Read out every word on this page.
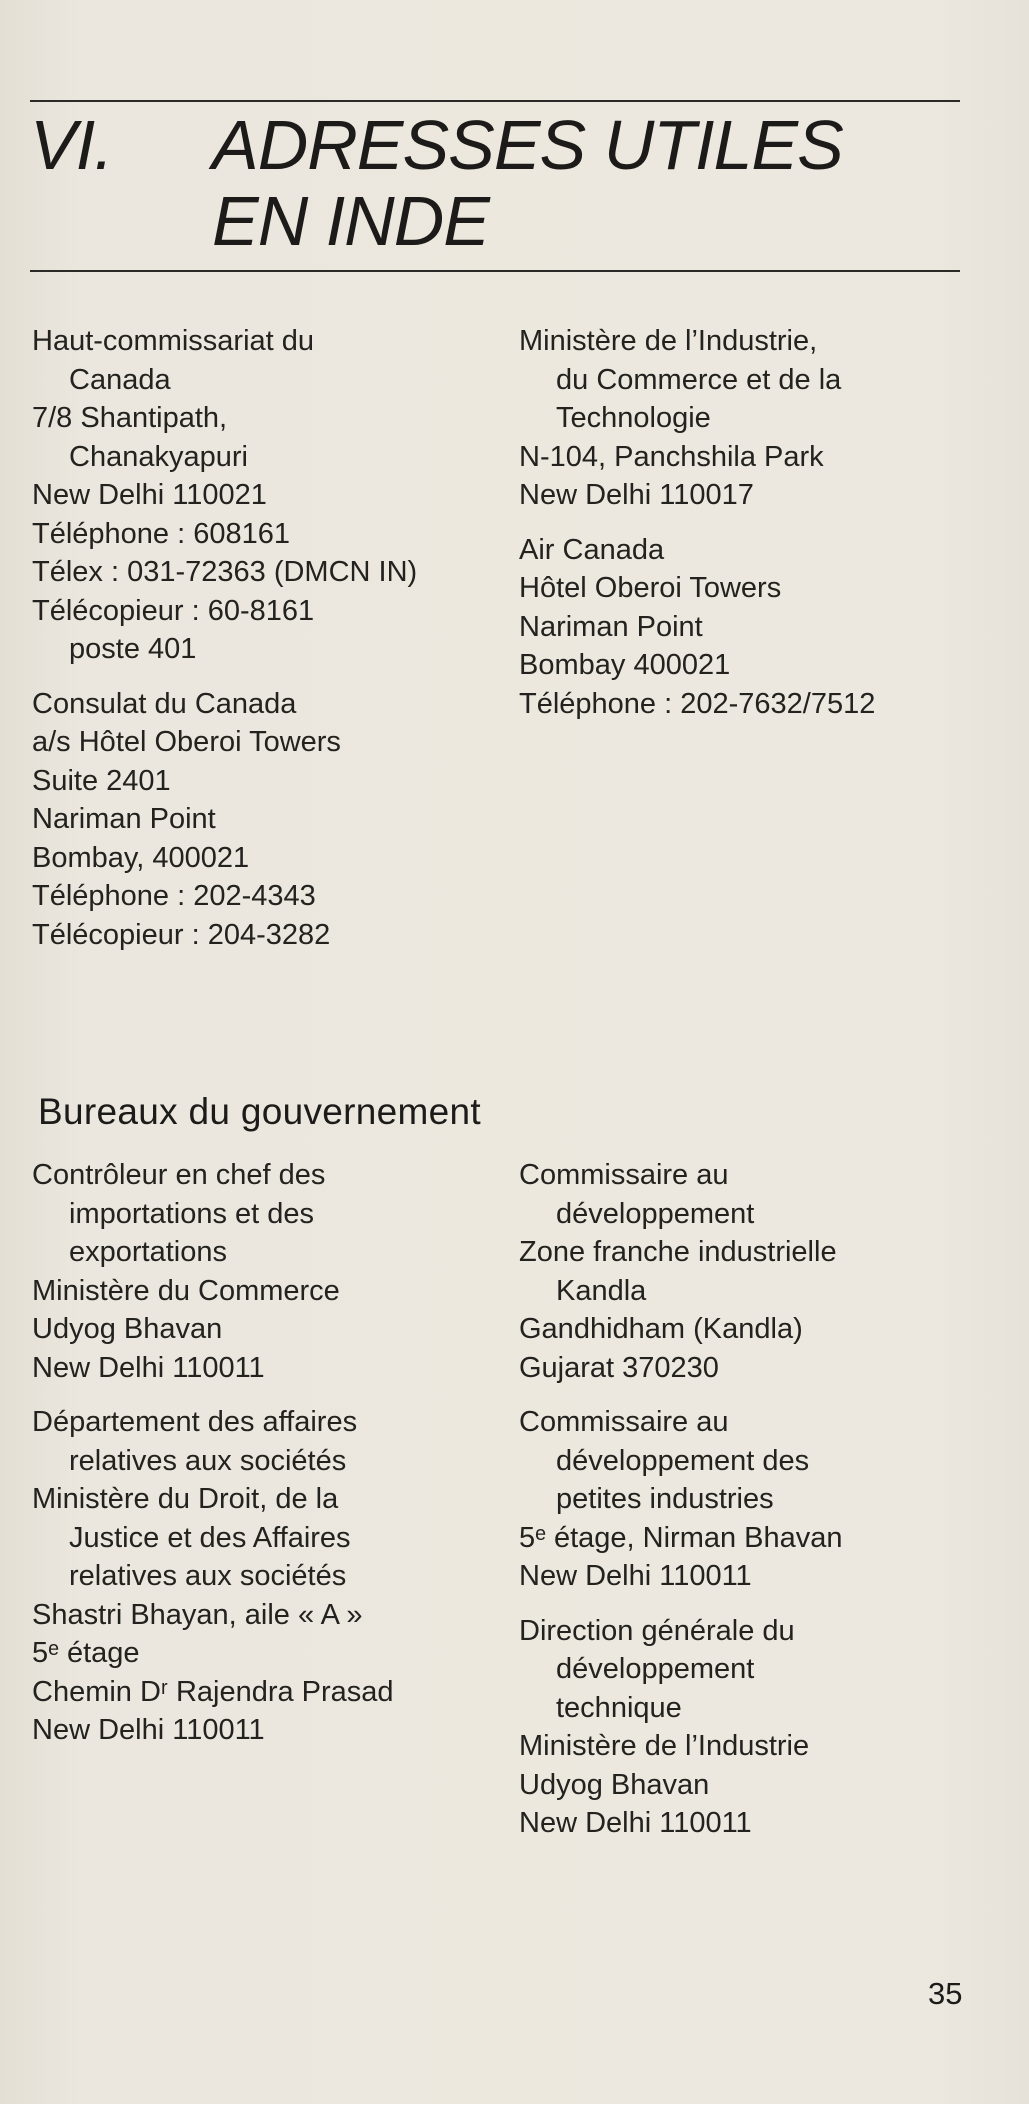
VI. ADRESSES UTILES
EN INDE
Haut-commissariat du
Canada
7/8 Shantipath,
Chanakyapuri
New Delhi 110021
Téléphone : 608161
Télex : 031-72363 (DMCN IN)
Télécopieur : 60-8161
poste 401
Consulat du Canada
a/s Hôtel Oberoi Towers
Suite 2401
Nariman Point
Bombay, 400021
Téléphone : 202-4343
Télécopieur : 204-3282
Ministère de l’Industrie,
du Commerce et de la
Technologie
N-104, Panchshila Park
New Delhi 110017
Air Canada
Hôtel Oberoi Towers
Nariman Point
Bombay 400021
Téléphone : 202-7632/7512
Bureaux du gouvernement
Contrôleur en chef des
importations et des
exportations
Ministère du Commerce
Udyog Bhavan
New Delhi 110011
Département des affaires
relatives aux sociétés
Ministère du Droit, de la
Justice et des Affaires
relatives aux sociétés
Shastri Bhayan, aile « A »
5ᵉ étage
Chemin Dʳ Rajendra Prasad
New Delhi 110011
Commissaire au
développement
Zone franche industrielle
Kandla
Gandhidham (Kandla)
Gujarat 370230
Commissaire au
développement des
petites industries
5ᵉ étage, Nirman Bhavan
New Delhi 110011
Direction générale du
développement
technique
Ministère de l’Industrie
Udyog Bhavan
New Delhi 110011
35
